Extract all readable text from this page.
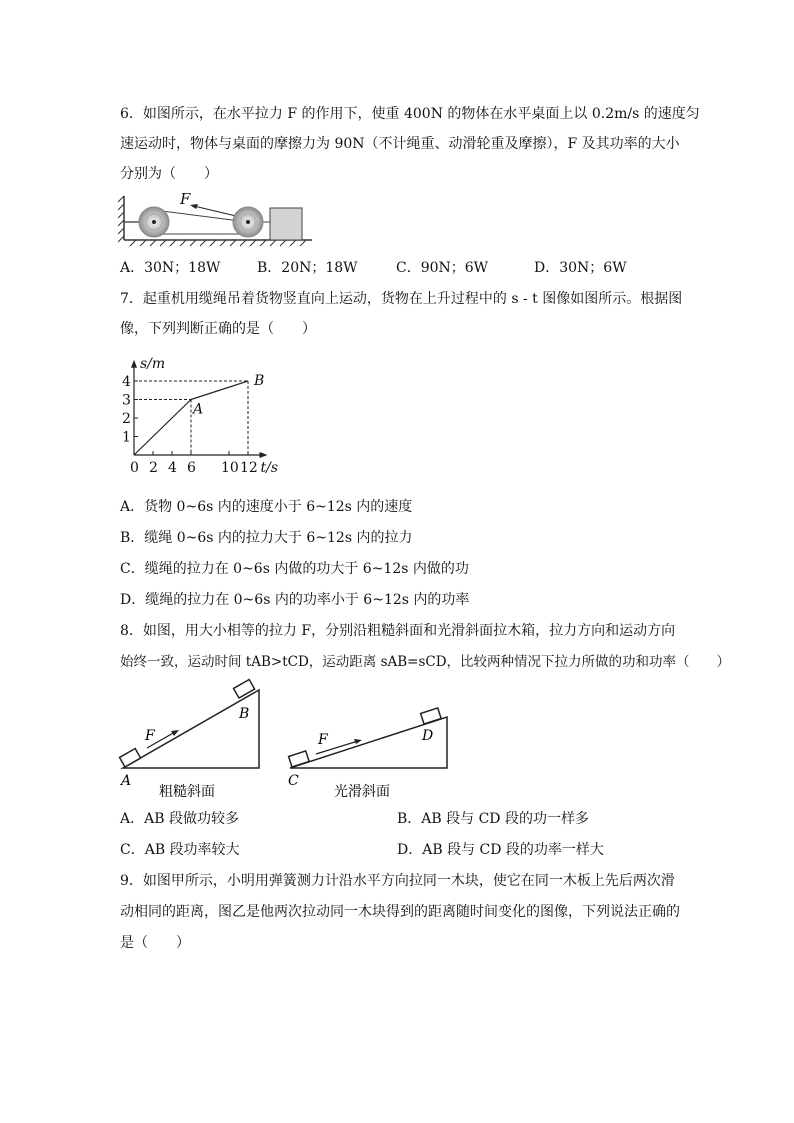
6．如图所示，在水平拉力 F 的作用下，使重 400N 的物体在水平桌面上以 0.2m/s 的速度匀
速运动时，物体与桌面的摩擦力为 90N（不计绳重、动滑轮重及摩擦），F 及其功率的大小
分别为（　　）
F
A．30N；18W	B．20N；18W	C．90N；6W	D．30N；6W
7．起重机用缆绳吊着货物竖直向上运动，货物在上升过程中的 s - t 图像如图所示。根据图
像，下列判断正确的是（　　）
s/m
t/s
1
2
3
4
0 2 4 6 10 12
A
B
A．货物 0~6s 内的速度小于 6~12s 内的速度
B．缆绳 0~6s 内的拉力大于 6~12s 内的拉力
C．缆绳的拉力在 0~6s 内做的功大于 6~12s 内做的功
D．缆绳的拉力在 0~6s 内的功率小于 6~12s 内的功率
8．如图，用大小相等的拉力 F，分别沿粗糙斜面和光滑斜面拉木箱，拉力方向和运动方向
始终一致，运动时间 tAB>tCD，运动距离 sAB=sCD，比较两种情况下拉力所做的功和功率（　　）
F
A
B
粗糙斜面
F
C
D
光滑斜面
A．AB 段做功较多	B．AB 段与 CD 段的功一样多
C．AB 段功率较大	D．AB 段与 CD 段的功率一样大
9．如图甲所示，小明用弹簧测力计沿水平方向拉同一木块，使它在同一木板上先后两次滑
动相同的距离，图乙是他两次拉动同一木块得到的距离随时间变化的图像，下列说法正确的
是（　　）
